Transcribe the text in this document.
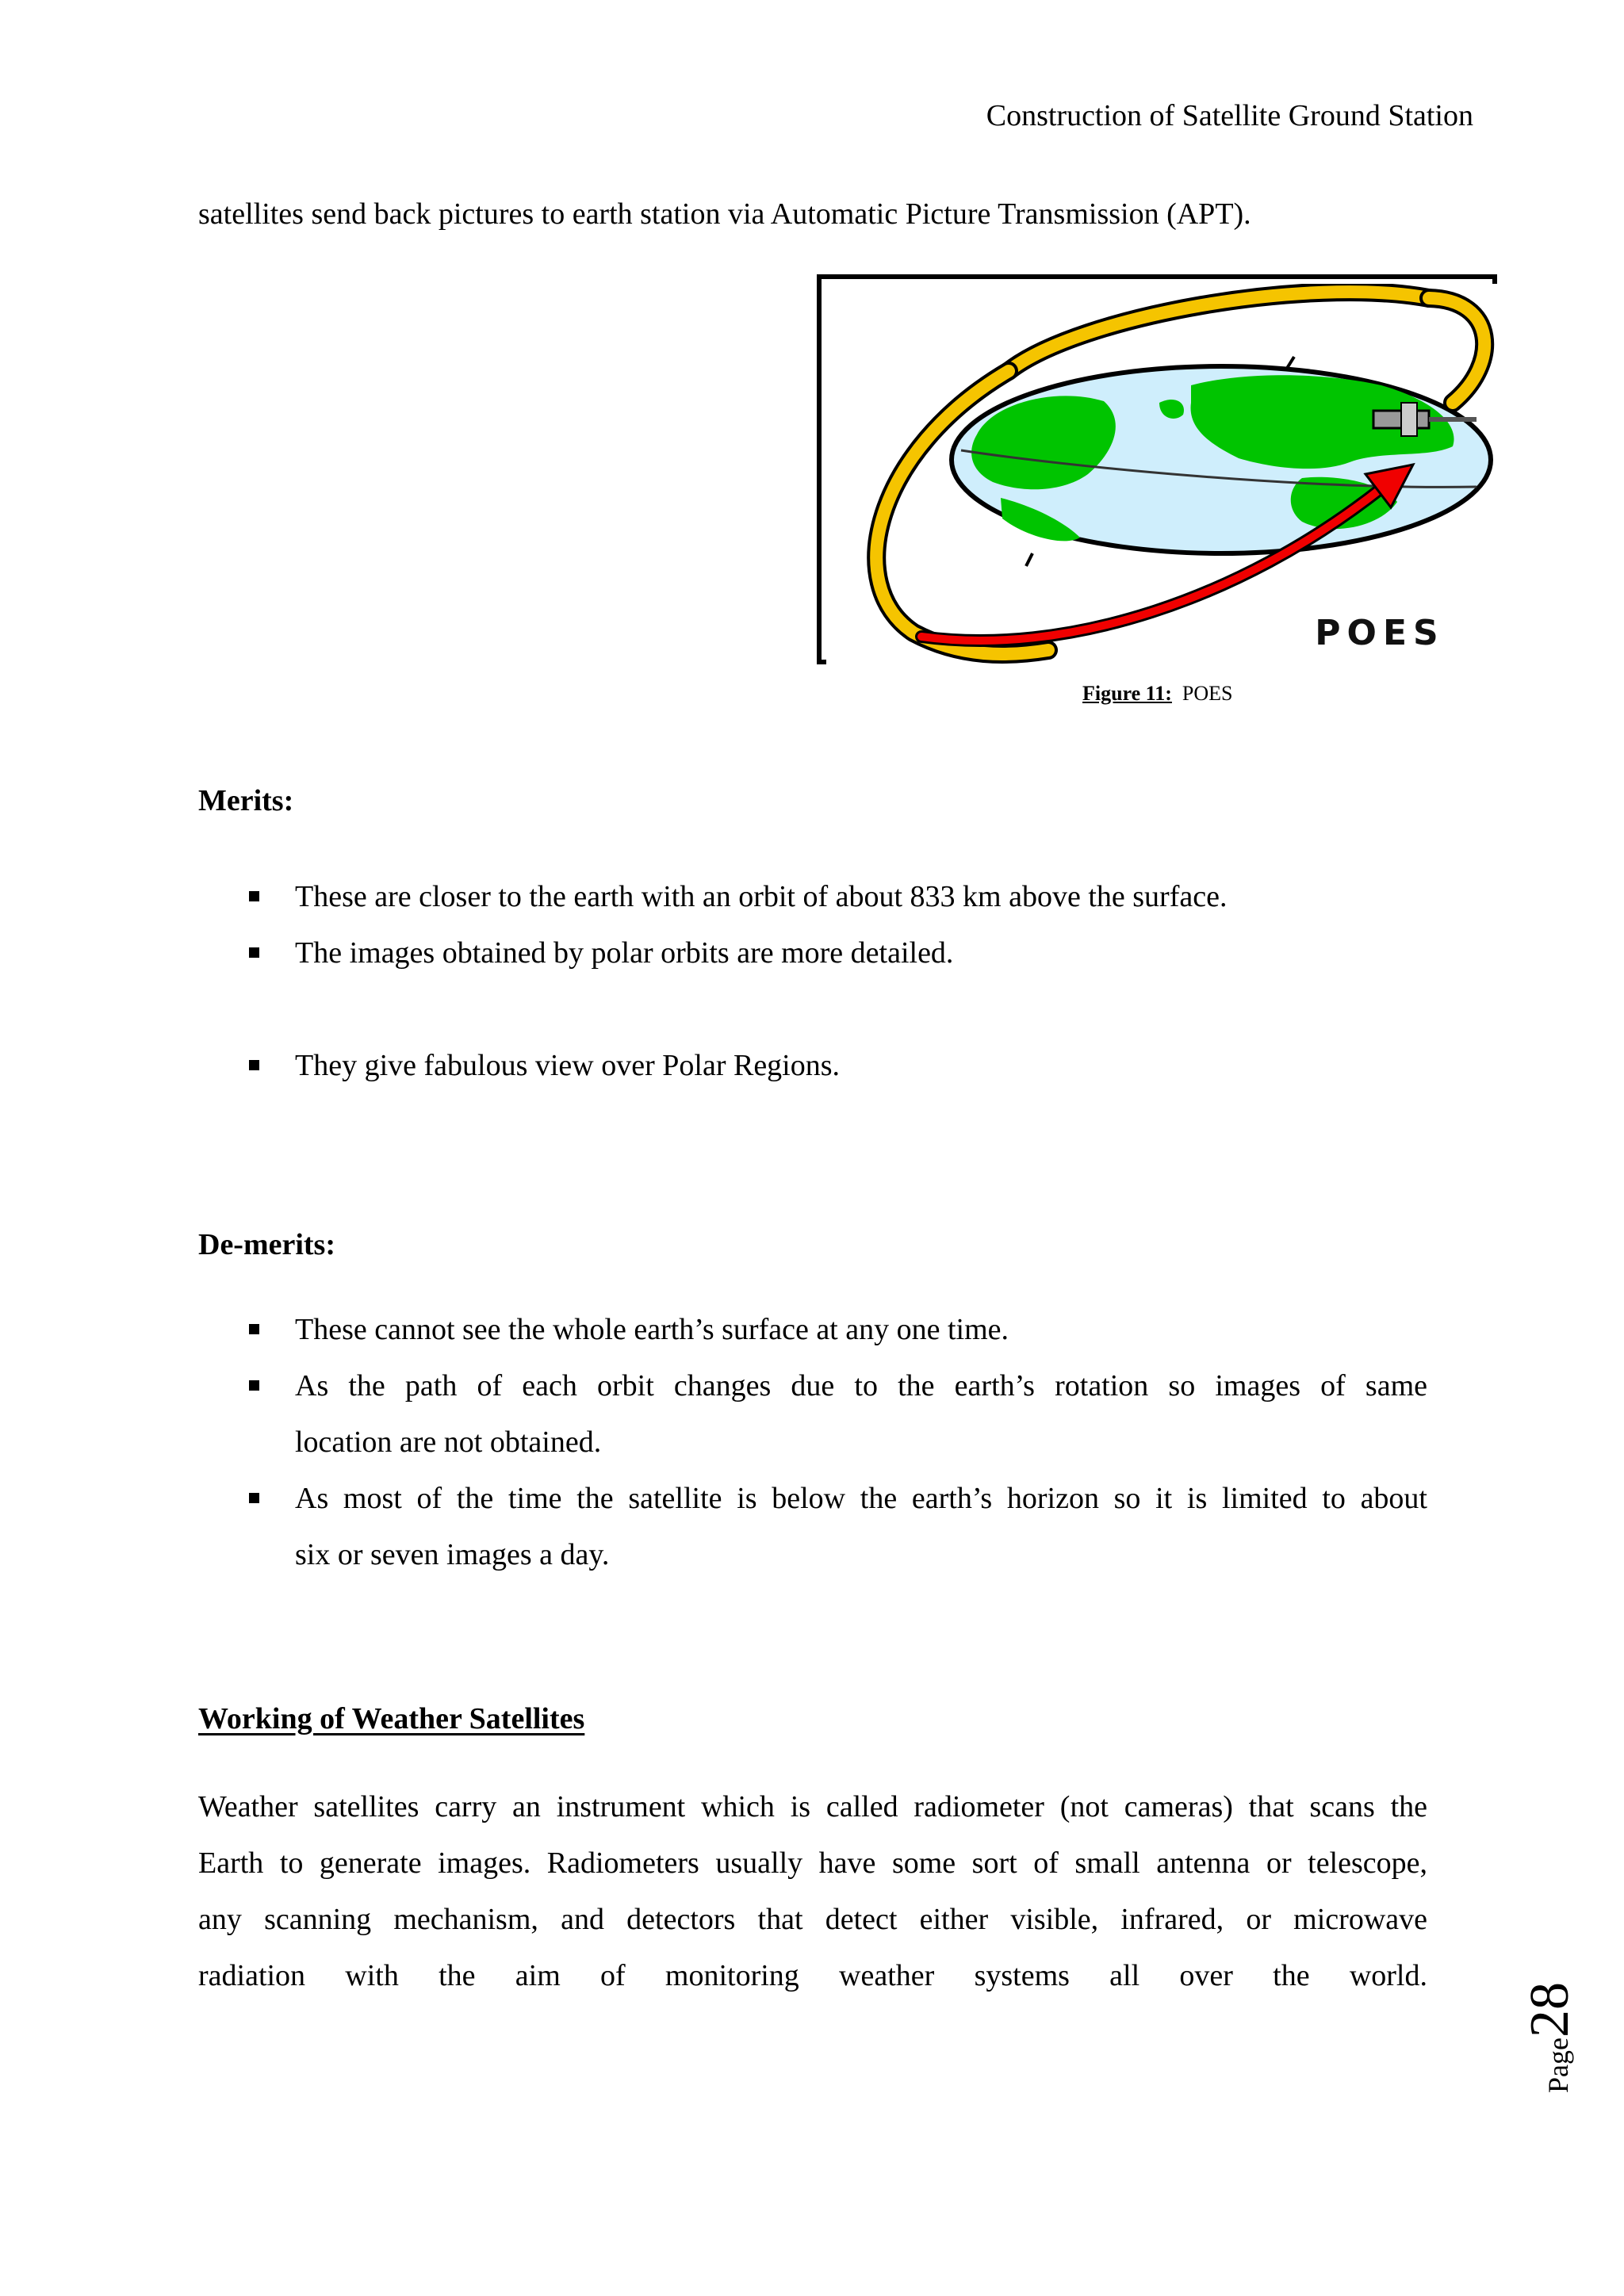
Construction of Satellite Ground Station
satellites send back pictures to earth station via Automatic Picture Transmission (APT).
POES
Figure 11: POES
Merits:
These are closer to the earth with an orbit of about 833 km above the surface.
The images obtained by polar orbits are more detailed.
They give fabulous view over Polar Regions.
De-merits:
These cannot see the whole earth’s surface at any one time.
As the path of each orbit changes due to the earth’s rotation so images of same
location are not obtained.
As most of the time the satellite is below the earth’s horizon so it is limited to about
six or seven images a day.
Working of Weather Satellites
Weather satellites carry an instrument which is called radiometer (not cameras) that scans the
Earth to generate images. Radiometers usually have some sort of small antenna or telescope,
any scanning mechanism, and detectors that detect either visible, infrared, or microwave
radiation with the aim of monitoring weather systems all over the world.
Page28
